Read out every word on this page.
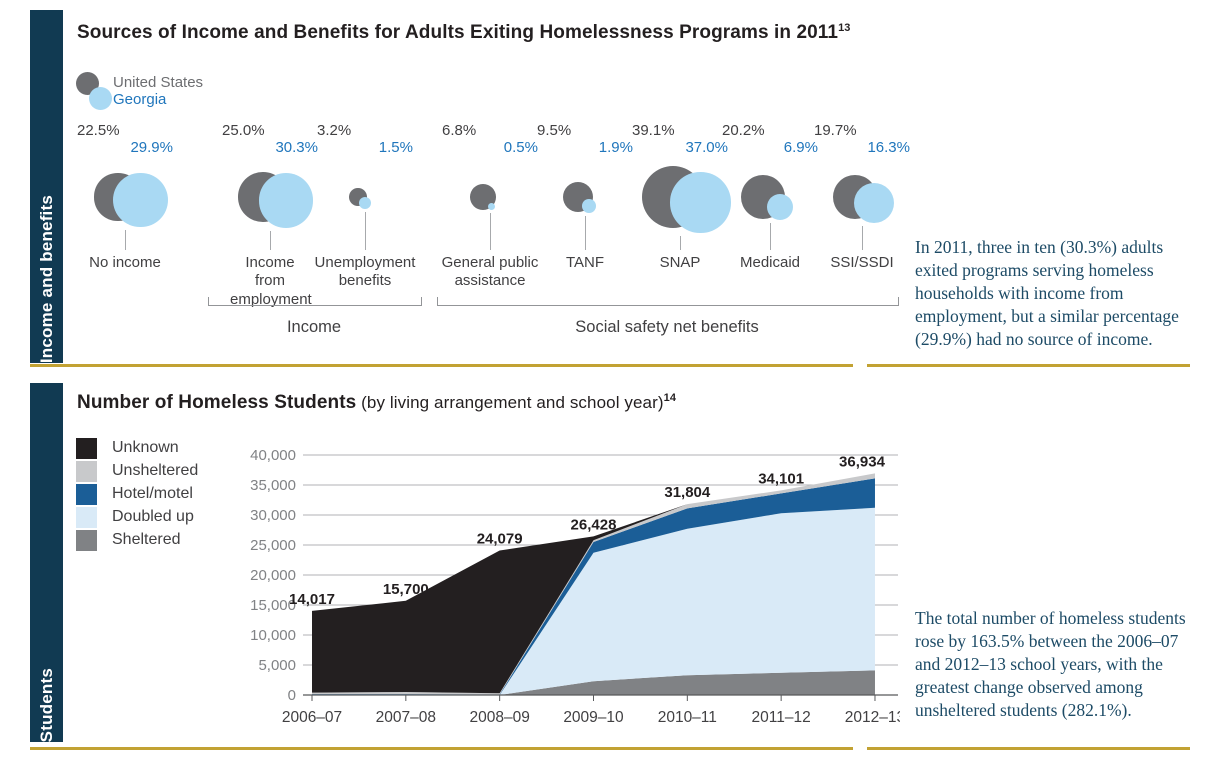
Income and benefits
Sources of Income and Benefits for Adults Exiting Homelessness Programs in 2011$^{13}$
United States
Georgia
22.5%
29.9%
No income
25.0%
30.3%
Income from employment
3.2%
1.5%
Unemployment benefits
6.8%
0.5%
General public assistance
9.5%
1.9%
TANF
39.1%
37.0%
SNAP
20.2%
6.9%
Medicaid
19.7%
16.3%
SSI/SSDI
Income	Social safety net benefits
In 2011, three in ten (30.3%) adults exited programs serving homeless households with income from employment, but a similar percentage (29.9%) had no source of income.
Students
Number of Homeless Students (by living arrangement and school year)$^{14}$
Unknown
Unsheltered
Hotel/motel
Doubled up
Sheltered
2006–07 2007–08 2008–09 2009–10 2010–11 2011–12 2012–13
0
5,000
10,000
15,000
20,000
25,000
30,000
35,000
40,000
14,017
15,700
24,079
26,428
31,804
34,101
36,934
The total number of homeless students rose by 163.5% between the 2006–07 and 2012–13 school years, with the greatest change observed among unsheltered students (282.1%).
